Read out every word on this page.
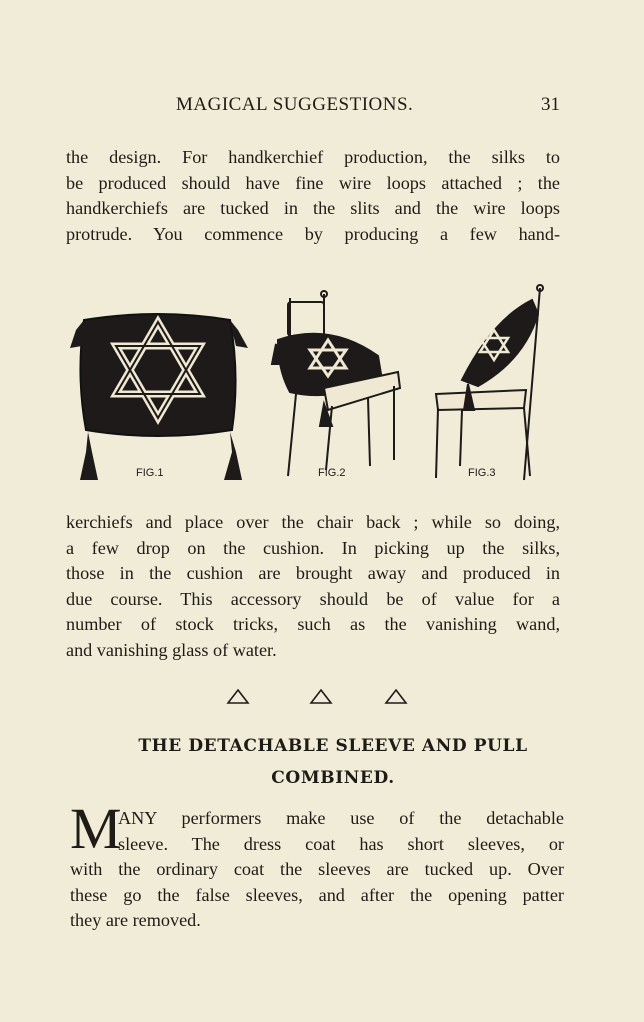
MAGICAL SUGGESTIONS.	31
the design. For handkerchief production, the silks to
be produced should have fine wire loops attached ; the
handkerchiefs are tucked in the slits and the wire loops
protrude. You commence by producing a few hand-
FIG.1	FIG.2	FIG.3
kerchiefs and place over the chair back ; while so doing,
a few drop on the cushion. In picking up the silks,
those in the cushion are brought away and produced in
due course. This accessory should be of value for a
number of stock tricks, such as the vanishing wand,
and vanishing glass of water.
THE DETACHABLE SLEEVE AND PULL
COMBINED.
M
ANY performers make use of the detachable
sleeve. The dress coat has short sleeves, or
with the ordinary coat the sleeves are tucked up. Over
these go the false sleeves, and after the opening patter
they are removed.
